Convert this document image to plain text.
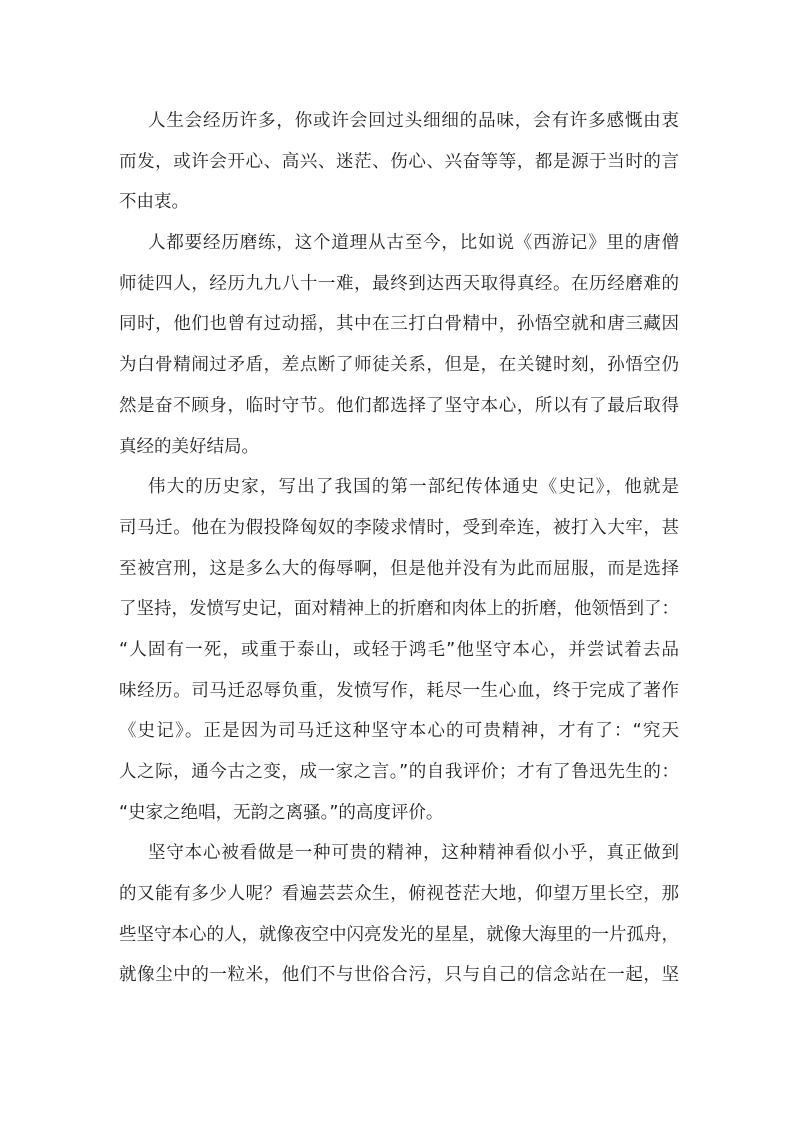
人生会经历许多，你或许会回过头细细的品味，会有许多感慨由衷
而发，或许会开心、高兴、迷茫、伤心、兴奋等等，都是源于当时的言
不由衷。
人都要经历磨练，这个道理从古至今，比如说《西游记》里的唐僧
师徒四人，经历九九八十一难，最终到达西天取得真经。在历经磨难的
同时，他们也曾有过动摇，其中在三打白骨精中，孙悟空就和唐三藏因
为白骨精闹过矛盾，差点断了师徒关系，但是，在关键时刻，孙悟空仍
然是奋不顾身，临时守节。他们都选择了坚守本心，所以有了最后取得
真经的美好结局。
伟大的历史家，写出了我国的第一部纪传体通史《史记》，他就是
司马迁。他在为假投降匈奴的李陵求情时，受到牵连，被打入大牢，甚
至被宫刑，这是多么大的侮辱啊，但是他并没有为此而屈服，而是选择
了坚持，发愤写史记，面对精神上的折磨和肉体上的折磨，他领悟到了：
“人固有一死，或重于泰山，或轻于鸿毛”他坚守本心，并尝试着去品
味经历。司马迁忍辱负重，发愤写作，耗尽一生心血，终于完成了著作
《史记》。正是因为司马迁这种坚守本心的可贵精神，才有了：“究天
人之际，通今古之变，成一家之言。”的自我评价；才有了鲁迅先生的：
“史家之绝唱，无韵之离骚。”的高度评价。
坚守本心被看做是一种可贵的精神，这种精神看似小乎，真正做到
的又能有多少人呢？看遍芸芸众生，俯视苍茫大地，仰望万里长空，那
些坚守本心的人，就像夜空中闪亮发光的星星，就像大海里的一片孤舟，
就像尘中的一粒米，他们不与世俗合污，只与自己的信念站在一起，坚
